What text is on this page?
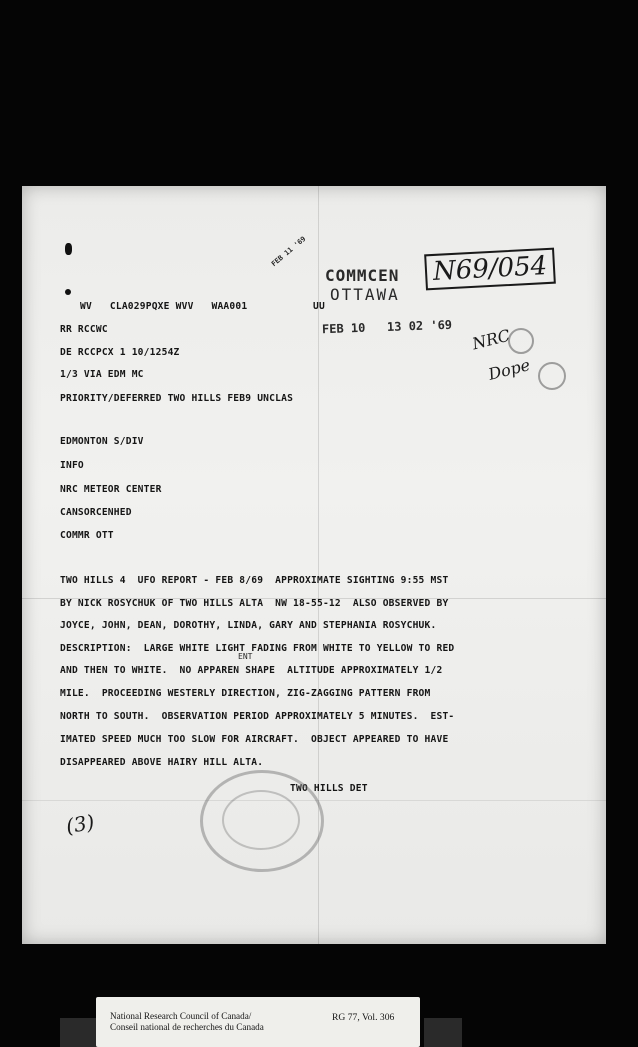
FEB 11 '69
COMMCEN
OTTAWA
FEB 10   13 02 '69
N69/054
NRC
Dope
WV   CLA029PQXE WVV   WAA001	UU
RR RCCWC
DE RCCPCX 1 10/1254Z
1/3 VIA EDM MC
PRIORITY/DEFERRED TWO HILLS FEB9 UNCLAS
EDMONTON S/DIV
INFO
NRC METEOR CENTER
CANSORCENHED
COMMR OTT
TWO HILLS 4  UFO REPORT - FEB 8/69  APPROXIMATE SIGHTING 9:55 MST
BY NICK ROSYCHUK OF TWO HILLS ALTA  NW 18-55-12  ALSO OBSERVED BY
JOYCE, JOHN, DEAN, DOROTHY, LINDA, GARY AND STEPHANIA ROSYCHUK.
DESCRIPTION:  LARGE WHITE LIGHT FADING FROM WHITE TO YELLOW TO RED
AND THEN TO WHITE.  NO APPAREN SHAPE  ALTITUDE APPROXIMATELY 1/2
ENT
MILE.  PROCEEDING WESTERLY DIRECTION, ZIG-ZAGGING PATTERN FROM
NORTH TO SOUTH.  OBSERVATION PERIOD APPROXIMATELY 5 MINUTES.  EST-
IMATED SPEED MUCH TOO SLOW FOR AIRCRAFT.  OBJECT APPEARED TO HAVE
DISAPPEARED ABOVE HAIRY HILL ALTA.
TWO HILLS DET
(3)
National Research Council of Canada/
Conseil national de recherches du Canada
RG 77, Vol. 306
